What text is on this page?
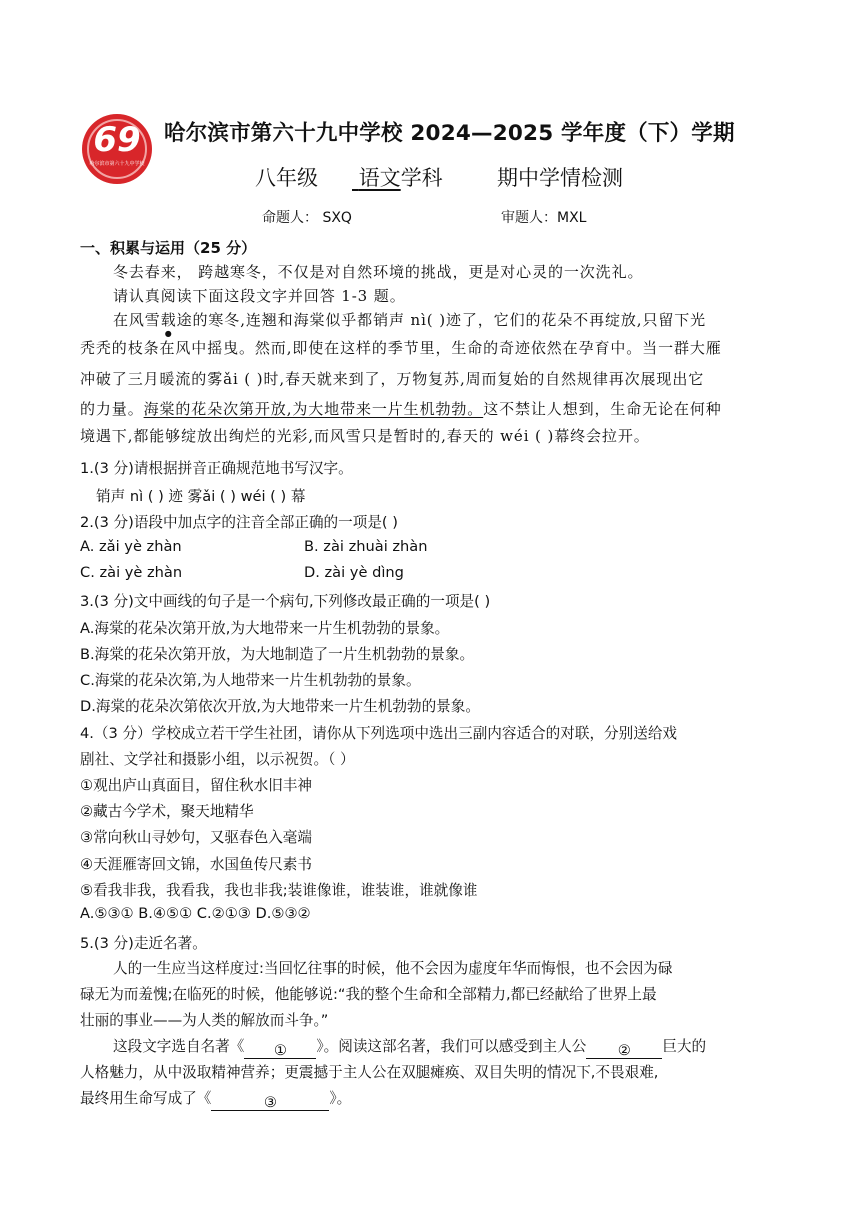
69
哈尔滨市第六十九中学校
哈尔滨市第六十九中学校 2024—2025 学年度（下）学期
八年级	语文学科	期中学情检测
命题人： SXQ	审题人：MXL
一、积累与运用（25 分）
冬去春来， 跨越寒冬，不仅是对自然环境的挑战，更是对心灵的一次洗礼。
请认真阅读下面这段文字并回答 1-3 题。
在风雪载途的寒冬,连翘和海棠似乎都销声 nì( )迹了，它们的花朵不再绽放,只留下光
秃秃的枝条在风中摇曳。然而,即使在这样的季节里，生命的奇迹依然在孕育中。当一群大雁
冲破了三月暖流的雾ǎi ( )时,春天就来到了，万物复苏,周而复始的自然规律再次展现出它
的力量。海棠的花朵次第开放,为大地带来一片生机勃勃。这不禁让人想到，生命无论在何种
境遇下,都能够绽放出绚烂的光彩,而风雪只是暂时的,春天的 wéi ( )幕终会拉开。
1.(3 分)请根据拼音正确规范地书写汉字。
销声 nì ( ) 迹 雾ǎi ( ) wéi ( ) 幕
2.(3 分)语段中加点字的注音全部正确的一项是( )
A. zǎi yè zhàn	B. zài zhuài zhàn
C. zài yè zhàn	D. zài yè dìng
3.(3 分)文中画线的句子是一个病句,下列修改最正确的一项是( )
A.海棠的花朵次第开放,为大地带来一片生机勃勃的景象。
B.海棠的花朵次第开放，为大地制造了一片生机勃勃的景象。
C.海棠的花朵次第,为人地带来一片生机勃勃的景象。
D.海棠的花朵次第依次开放,为大地带来一片生机勃勃的景象。
4.（3 分）学校成立若干学生社团，请你从下列选项中选出三副内容适合的对联，分别送给戏
剧社、文学社和摄影小组，以示祝贺。（ ）
①观出庐山真面目，留住秋水旧丰神
②藏古今学术，聚天地精华
③常向秋山寻妙句，又驱春色入毫端
④天涯雁寄回文锦，水国鱼传尺素书
⑤看我非我，我看我，我也非我;装谁像谁，谁装谁，谁就像谁
A.⑤③① B.④⑤① C.②①③ D.⑤③②
5.(3 分)走近名著。
人的一生应当这样度过:当回忆往事的时候，他不会因为虚度年华而悔恨，也不会因为碌
碌无为而羞愧;在临死的时候，他能够说:“我的整个生命和全部精力,都已经献给了世界上最
壮丽的事业——为人类的解放而斗争。”
这段文字选自名著《 ① 》。阅读这部名著，我们可以感受到主人公 ② 巨大的
人格魅力，从中汲取精神营养；更震撼于主人公在双腿瘫痪、双目失明的情况下,不畏艰难,
最终用生命写成了《	③	》。
